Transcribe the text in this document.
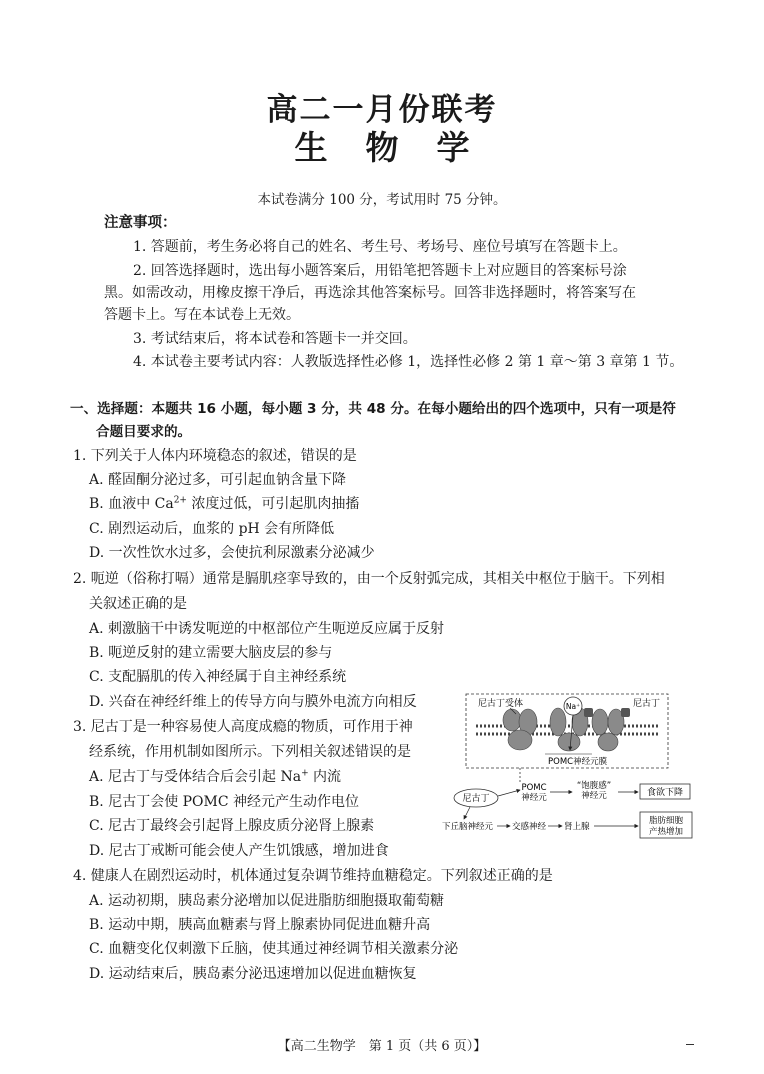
高二一月份联考
生物学
本试卷满分 100 分，考试用时 75 分钟。
注意事项：
1. 答题前，考生务必将自己的姓名、考生号、考场号、座位号填写在答题卡上。
2. 回答选择题时，选出每小题答案后，用铅笔把答题卡上对应题目的答案标号涂
黑。如需改动，用橡皮擦干净后，再选涂其他答案标号。回答非选择题时，将答案写在
答题卡上。写在本试卷上无效。
3. 考试结束后，将本试卷和答题卡一并交回。
4. 本试卷主要考试内容：人教版选择性必修 1，选择性必修 2 第 1 章～第 3 章第 1 节。
一、选择题：本题共 16 小题，每小题 3 分，共 48 分。在每小题给出的四个选项中，只有一项是符
合题目要求的。
1. 下列关于人体内环境稳态的叙述，错误的是
A. 醛固酮分泌过多，可引起血钠含量下降
B. 血液中 $Ca^{2+}$ 浓度过低，可引起肌肉抽搐
C. 剧烈运动后，血浆的 pH 会有所降低
D. 一次性饮水过多，会使抗利尿激素分泌减少
2. 呃逆（俗称打嗝）通常是膈肌痉挛导致的，由一个反射弧完成，其相关中枢位于脑干。下列相
关叙述正确的是
A. 刺激脑干中诱发呃逆的中枢部位产生呃逆反应属于反射
B. 呃逆反射的建立需要大脑皮层的参与
C. 支配膈肌的传入神经属于自主神经系统
D. 兴奋在神经纤维上的传导方向与膜外电流方向相反
3. 尼古丁是一种容易使人高度成瘾的物质，可作用于神
经系统，作用机制如图所示。下列相关叙述错误的是
A. 尼古丁与受体结合后会引起 Na+ 内流
B. 尼古丁会使 POMC 神经元产生动作电位
C. 尼古丁最终会引起肾上腺皮质分泌肾上腺素
D. 尼古丁戒断可能会使人产生饥饿感，增加进食
4. 健康人在剧烈运动时，机体通过复杂调节维持血糖稳定。下列叙述正确的是
A. 运动初期，胰岛素分泌增加以促进脂肪细胞摄取葡萄糖
B. 运动中期，胰高血糖素与肾上腺素协同促进血糖升高
C. 血糖变化仅刺激下丘脑，使其通过神经调节相关激素分泌
D. 运动结束后，胰岛素分泌迅速增加以促进血糖恢复
Na⁺
尼古丁受体	尼古丁
POMC神经元膜
尼古丁
POMC
神经元
“饱腹感”
神经元	食欲下降
下丘脑神经元 交感神经 肾上腺
脂肪细胞
产热增加
【高二生物学　第 1 页（共 6 页）】
